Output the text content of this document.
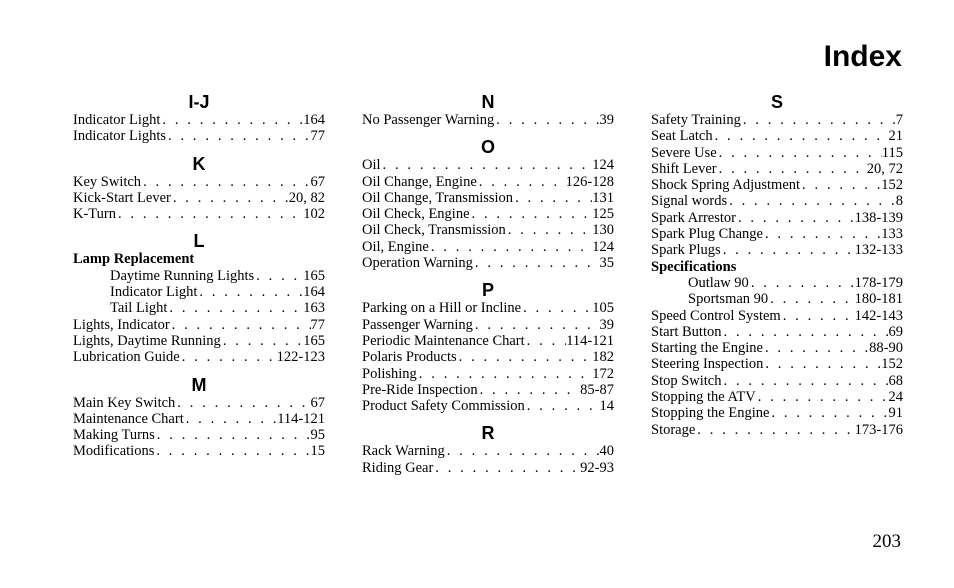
Index
I-J
Indicator Light . . .	164
Indicator Lights . . .	77
K
Key Switch . . .	67
Kick-Start Lever . . .	20, 82
K-Turn . . .	102
L
Lamp Replacement
Daytime Running Lights . . .	165
Indicator Light . . .	164
Tail Light . . .	163
Lights, Indicator . . .	77
Lights, Daytime Running . . .	165
Lubrication Guide . . .	122-123
M
Main Key Switch . . .	67
Maintenance Chart . . .	114-121
Making Turns . . .	95
Modifications . . .	15
N
No Passenger Warning . . .	39
O
Oil . . .	124
Oil Change, Engine . . .	126-128
Oil Change, Transmission . . .	131
Oil Check, Engine . . .	125
Oil Check, Transmission . . .	130
Oil, Engine . . .	124
Operation Warning . . .	35
P
Parking on a Hill or Incline . . .	105
Passenger Warning . . .	39
Periodic Maintenance Chart . . .	114-121
Polaris Products . . .	182
Polishing . . .	172
Pre-Ride Inspection . . .	85-87
Product Safety Commission . . .	14
R
Rack Warning . . .	40
Riding Gear . . .	92-93
S
Safety Training . . .	7
Seat Latch . . .	21
Severe Use . . .	115
Shift Lever . . .	20, 72
Shock Spring Adjustment . . .	152
Signal words . . .	8
Spark Arrestor . . .	138-139
Spark Plug Change . . .	133
Spark Plugs . . .	132-133
Specifications
Outlaw 90 . . .	178-179
Sportsman 90 . . .	180-181
Speed Control System . . .	142-143
Start Button . . .	69
Starting the Engine . . .	88-90
Steering Inspection . . .	152
Stop Switch . . .	68
Stopping the ATV . . .	24
Stopping the Engine . . .	91
Storage . . .	173-176
203
